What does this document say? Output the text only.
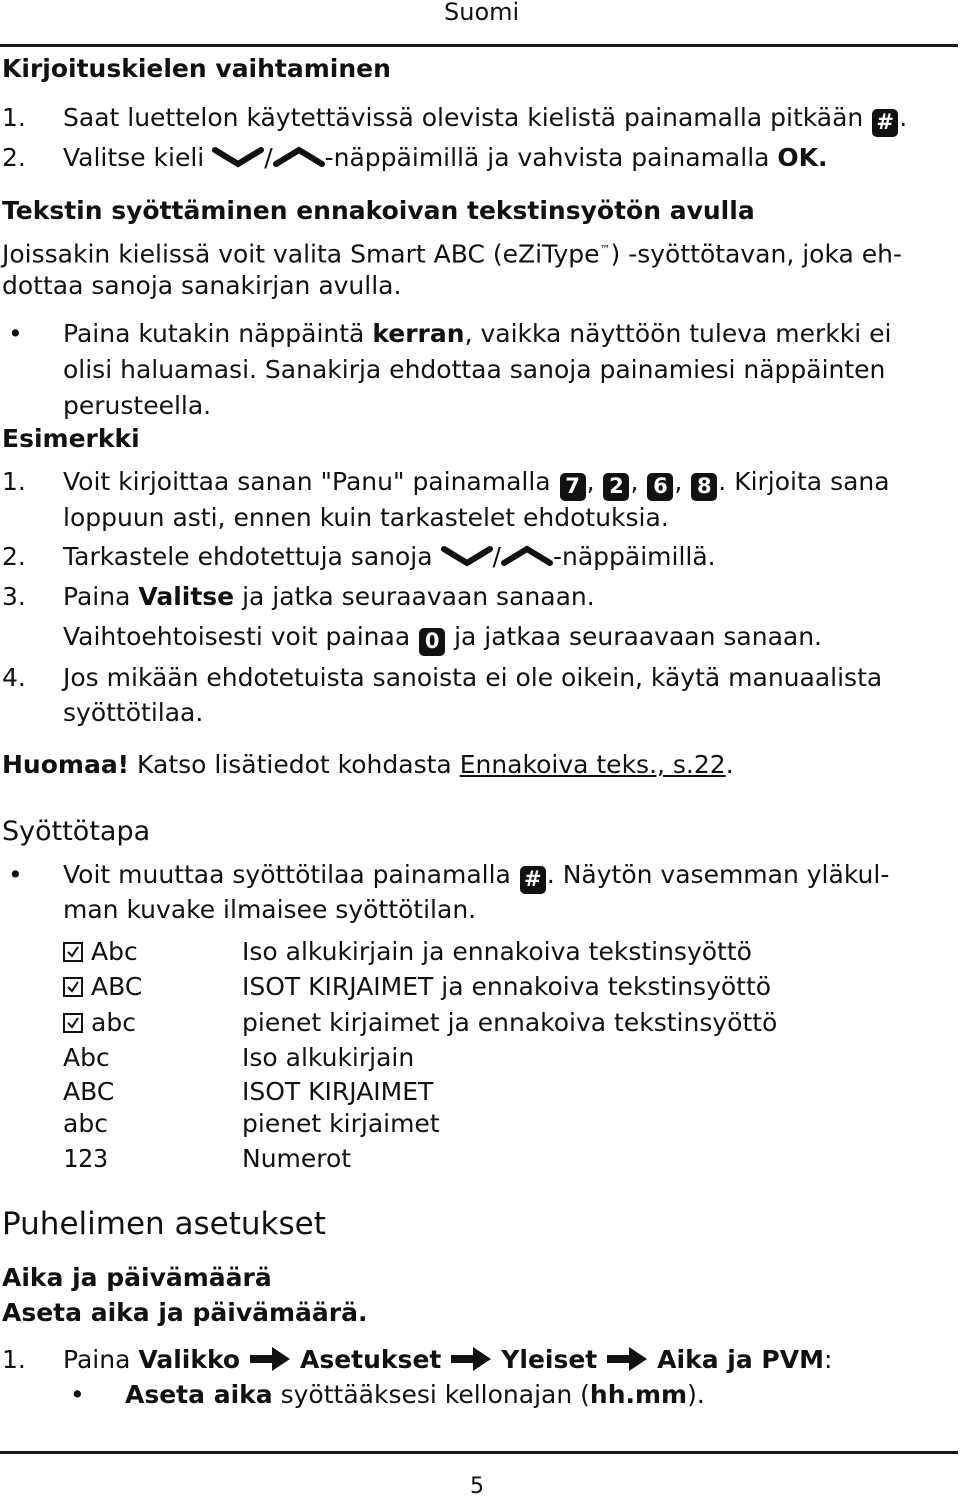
Suomi
Kirjoituskielen vaihtaminen
1. Saat luettelon käytettävissä olevista kielistä painamalla pitkään # .
2. Valitse kieli / -näppäimillä ja vahvista painamalla OK.
Tekstin syöttäminen ennakoivan tekstinsyötön avulla
Joissakin kielissä voit valita Smart ABC (eZiType™) -syöttötavan, joka eh-
dottaa sanoja sanakirjan avulla.
• Paina kutakin näppäintä kerran, vaikka näyttöön tuleva merkki ei
olisi haluamasi. Sanakirja ehdottaa sanoja painamiesi näppäinten
perusteella.
Esimerkki
1. Voit kirjoittaa sanan "Panu" painamalla 7 , 2 , 6 , 8 . Kirjoita sana
loppuun asti, ennen kuin tarkastelet ehdotuksia.
2. Tarkastele ehdotettuja sanoja / -näppäimillä.
3. Paina Valitse ja jatka seuraavaan sanaan.
Vaihtoehtoisesti voit painaa 0 ja jatkaa seuraavaan sanaan.
4. Jos mikään ehdotetuista sanoista ei ole oikein, käytä manuaalista
syöttötilaa.
Huomaa! Katso lisätiedot kohdasta Ennakoiva teks., s.22.
Syöttötapa
• Voit muuttaa syöttötilaa painamalla # . Näytön vasemman yläkul-
man kuvake ilmaisee syöttötilan.
Abc	Iso alkukirjain ja ennakoiva tekstinsyöttö
ABC	ISOT KIRJAIMET ja ennakoiva tekstinsyöttö
abc	pienet kirjaimet ja ennakoiva tekstinsyöttö
Abc	Iso alkukirjain
ABC	ISOT KIRJAIMET
abc	pienet kirjaimet
123	Numerot
Puhelimen asetukset
Aika ja päivämäärä
Aseta aika ja päivämäärä.
1. Paina Valikko Asetukset Yleiset Aika ja PVM:
• Aseta aika syöttääksesi kellonajan (hh.mm).
5
